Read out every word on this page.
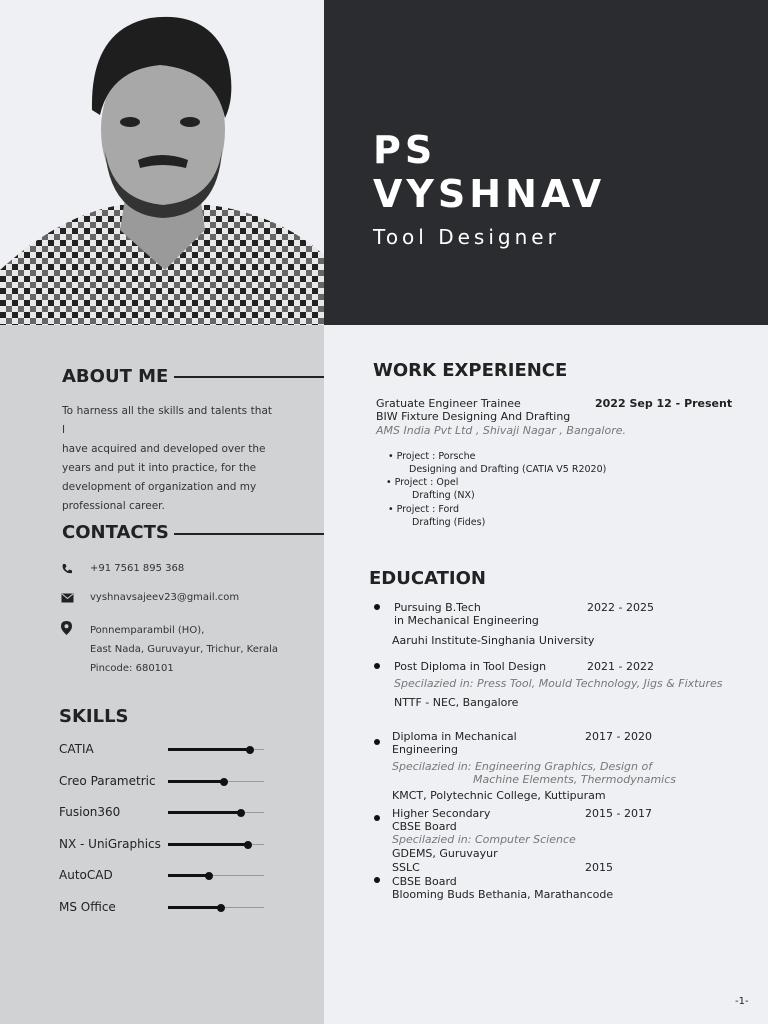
PS
VYSHNAV
Tool Designer
ABOUT ME
To harness all the skills and talents that I
have acquired and developed over the
years and put it into practice, for the
development of organization and my
professional career.
CONTACTS
+91 7561 895 368
vyshnavsajeev23@gmail.com
Ponnemparambil (HO),
East Nada, Guruvayur, Trichur, Kerala
Pincode: 680101
SKILLS
CATIA
Creo Parametric
Fusion360
NX - UniGraphics
AutoCAD
MS Office
WORK EXPERIENCE
Gratuate Engineer Trainee	2022 Sep 12 - Present
BIW Fixture Designing And Drafting
AMS India Pvt Ltd , Shivaji Nagar , Bangalore.
• Project : Porsche
Designing and Drafting (CATIA V5 R2020)
• Project : Opel
Drafting (NX)
• Project : Ford
Drafting (Fides)
EDUCATION
Pursuing B.Tech
in Mechanical Engineering
2022 - 2025
Aaruhi Institute-Singhania University
Post Diploma in Tool Design	2021 - 2022
Specilazied in: Press Tool, Mould Technology, Jigs & Fixtures
NTTF - NEC, Bangalore
Diploma in Mechanical
Engineering
2017 - 2020
Specilazied in: Engineering Graphics, Design of
Machine Elements, Thermodynamics
KMCT, Polytechnic College, Kuttipuram
Higher Secondary
CBSE Board
2015 - 2017
Specilazied in: Computer Science
GDEMS, Guruvayur
SSLC	2015
CBSE Board
Blooming Buds Bethania, Marathancode
-1-
